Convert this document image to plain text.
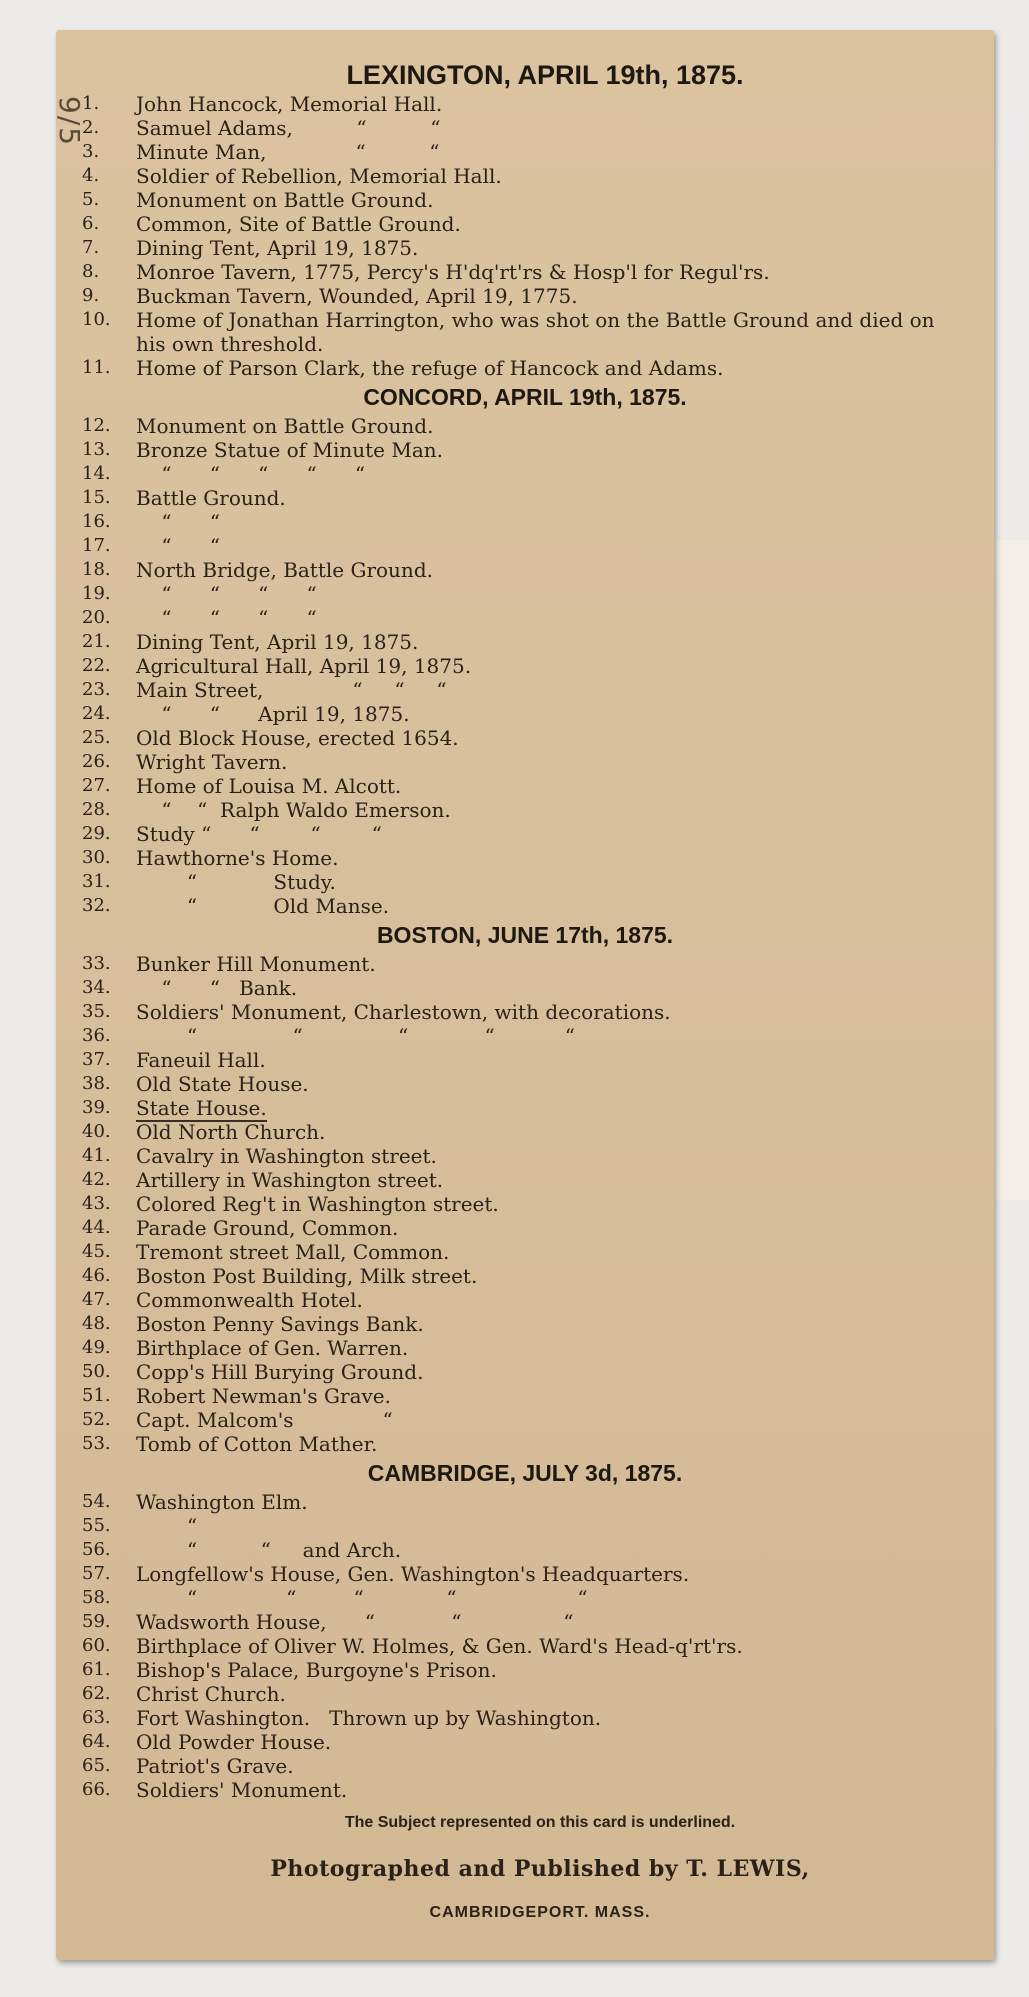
9/5
LEXINGTON, APRIL 19th, 1875.
1.	John Hancock, Memorial Hall.
2.	Samuel Adams,          “          “
3.	Minute Man,              “          “
4.	Soldier of Rebellion, Memorial Hall.
5.	Monument on Battle Ground.
6.	Common, Site of Battle Ground.
7.	Dining Tent, April 19, 1875.
8.	Monroe Tavern, 1775, Percy's H'dq'rt'rs & Hosp'l for Regul'rs.
9.	Buckman Tavern, Wounded, April 19, 1775.
10.	Home of Jonathan Harrington, who was shot on the Battle Ground and died on his own threshold.
11.	Home of Parson Clark, the refuge of Hancock and Adams.
CONCORD, APRIL 19th, 1875.
12.	Monument on Battle Ground.
13.	Bronze Statue of Minute Man.
14.	“      “      “      “      “
15.	Battle Ground.
16.	“      “
17.	“      “
18.	North Bridge, Battle Ground.
19.	“      “      “      “
20.	“      “      “      “
21.	Dining Tent, April 19, 1875.
22.	Agricultural Hall, April 19, 1875.
23.	Main Street,              “     “     “
24.	“      “      April 19, 1875.
25.	Old Block House, erected 1654.
26.	Wright Tavern.
27.	Home of Louisa M. Alcott.
28.	“    “  Ralph Waldo Emerson.
29.	Study “      “        “        “
30.	Hawthorne's Home.
31.	“            Study.
32.	“            Old Manse.
BOSTON, JUNE 17th, 1875.
33.	Bunker Hill Monument.
34.	“      “   Bank.
35.	Soldiers' Monument, Charlestown, with decorations.
36.	“               “               “            “           “
37.	Faneuil Hall.
38.	Old State House.
39.	State House.
40.	Old North Church.
41.	Cavalry in Washington street.
42.	Artillery in Washington street.
43.	Colored Reg't in Washington street.
44.	Parade Ground, Common.
45.	Tremont street Mall, Common.
46.	Boston Post Building, Milk street.
47.	Commonwealth Hotel.
48.	Boston Penny Savings Bank.
49.	Birthplace of Gen. Warren.
50.	Copp's Hill Burying Ground.
51.	Robert Newman's Grave.
52.	Capt. Malcom's              “
53.	Tomb of Cotton Mather.
CAMBRIDGE, JULY 3d, 1875.
54.	Washington Elm.
55.	“
56.	“          “     and Arch.
57.	Longfellow's House, Gen. Washington's Headquarters.
58.	“              “         “             “                   “
59.	Wadsworth House,      “            “                “
60.	Birthplace of Oliver W. Holmes, & Gen. Ward's Head-q'rt'rs.
61.	Bishop's Palace, Burgoyne's Prison.
62.	Christ Church.
63.	Fort Washington.   Thrown up by Washington.
64.	Old Powder House.
65.	Patriot's Grave.
66.	Soldiers' Monument.
The Subject represented on this card is underlined.
Photographed and Published by T. LEWIS,
CAMBRIDGEPORT. MASS.
